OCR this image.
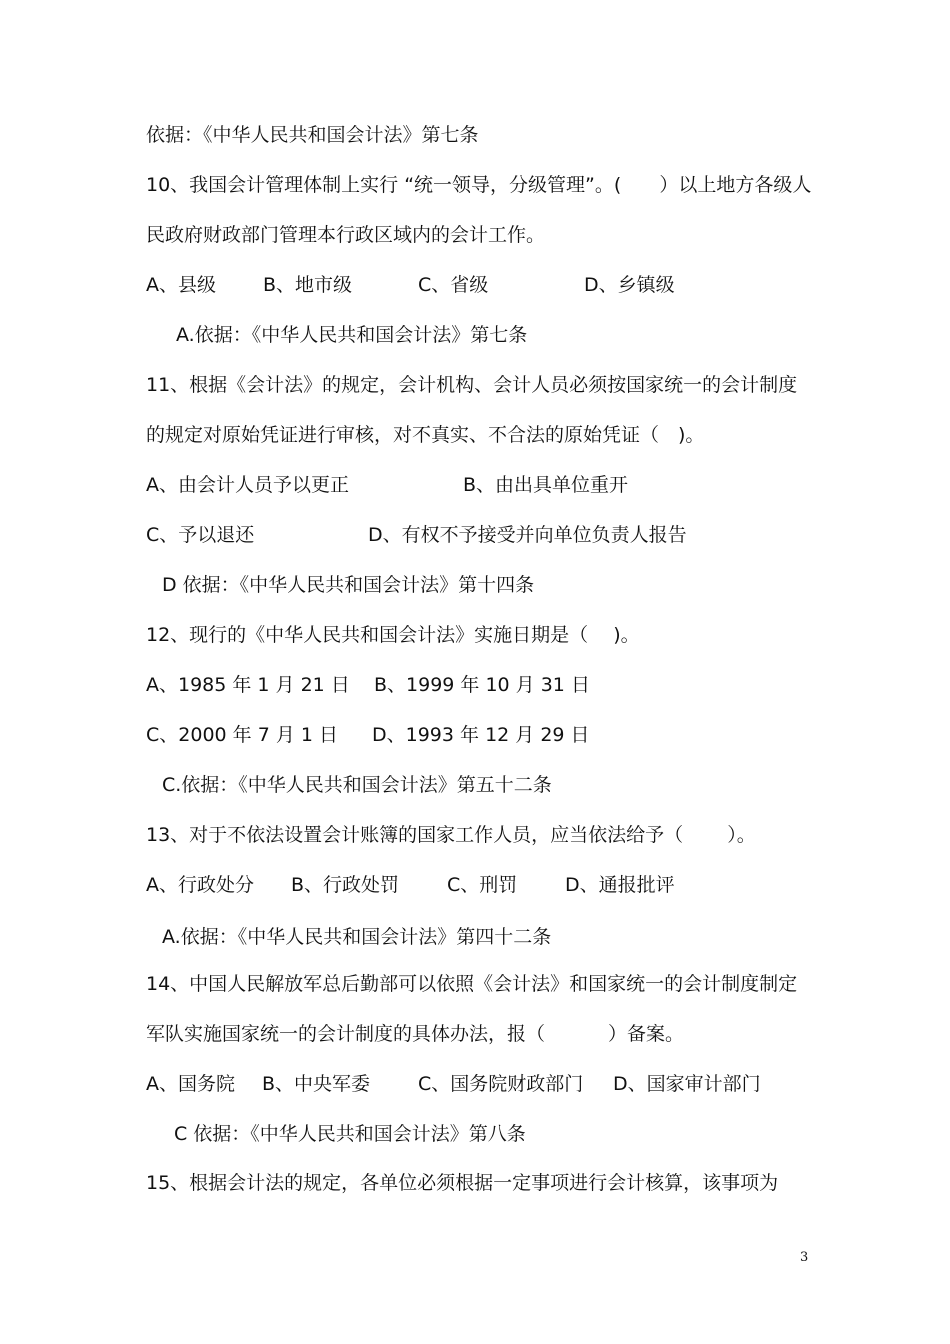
依据：《中华人民共和国会计法》第七条
10、我国会计管理体制上实行 “统一领导，分级管理”。(　　）以上地方各级人
民政府财政部门管理本行政区域内的会计工作。
A、县级 B、地市级	C、省级	D、乡镇级
A.依据：《中华人民共和国会计法》第七条
11、根据《会计法》的规定，会计机构、会计人员必须按国家统一的会计制度
的规定对原始凭证进行审核，对不真实、不合法的原始凭证（　)。
A、由会计人员予以更正	B、由出具单位重开
C、予以退还	D、有权不予接受并向单位负责人报告
D 依据：《中华人民共和国会计法》第十四条
12、现行的《中华人民共和国会计法》实施日期是（　 )。
A、1985 年 1 月 21 日 B、1999 年 10 月 31 日
C、2000 年 7 月 1 日 D、1993 年 12 月 29 日
C.依据：《中华人民共和国会计法》第五十二条
13、对于不依法设置会计账簿的国家工作人员，应当依法给予（　　 ）。
A、行政处分 B、行政处罚	C、刑罚	D、通报批评
A.依据：《中华人民共和国会计法》第四十二条
14、中国人民解放军总后勤部可以依照《会计法》和国家统一的会计制度制定
军队实施国家统一的会计制度的具体办法，报（　　　 ）备案。
A、国务院 B、中央军委	C、国务院财政部门 D、国家审计部门
C 依据：《中华人民共和国会计法》第八条
15、根据会计法的规定，各单位必须根据一定事项进行会计核算，该事项为
3
